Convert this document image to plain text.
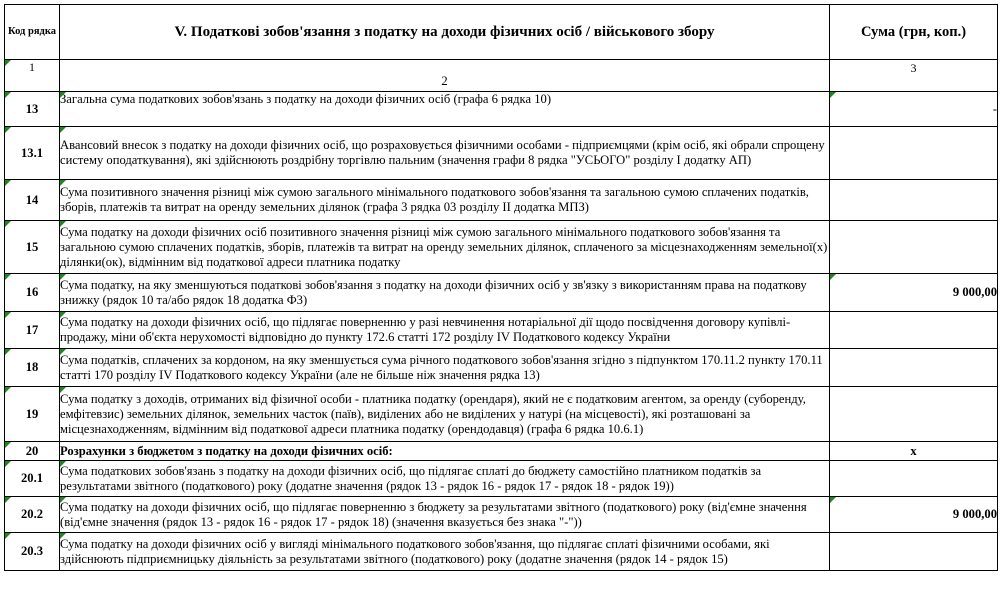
Код рядка	V. Податкові зобов'язання з податку на доходи фізичних осіб / військового збору	Сума (грн, коп.)

1	2	3

13	Загальна сума податкових зобов'язань з податку на доходи фізичних осіб (графа 6 рядка 10)	-

13.1	Авансовий внесок з податку на доходи фізичних осіб, що розраховується фізичними особами - підприємцями (крім осіб, які обрали спрощену систему оподаткування), які здійснюють роздрібну торгівлю пальним (значення графи 8 рядка "УСЬОГО" розділу I додатку АП)	

14	Сума позитивного значення різниці між сумою загального мінімального податкового зобов'язання та загальною сумою сплачених податків, зборів, платежів та витрат на оренду земельних ділянок (графа 3 рядка 03 розділу II додатка МПЗ)	

15	Сума податку на доходи фізичних осіб позитивного значення різниці між сумою загального мінімального податкового зобов'язання та загальною сумою сплачених податків, зборів, платежів та витрат на оренду земельних ділянок, сплаченого за місцезнаходженням земельної(х) ділянки(ок), відмінним від податкової адреси платника податку	

16	Сума податку, на яку зменшуються податкові зобов'язання з податку на доходи фізичних осіб у зв'язку з використанням права на податкову знижку (рядок 10 та/або рядок 18 додатка Ф3)	9 000,00

17	Сума податку на доходи фізичних осіб, що підлягає поверненню у разі невчинення нотаріальної дії щодо посвідчення договору купівлі-продажу, міни об'єкта нерухомості відповідно до пункту 172.6 статті 172 розділу IV Податкового кодексу України	

18	Сума податків, сплачених за кордоном, на яку зменшується сума річного податкового зобов'язання згідно з підпунктом 170.11.2 пункту 170.11 статті 170 розділу IV Податкового кодексу України (але не більше ніж значення рядка 13)	

19	Сума податку з доходів, отриманих від фізичної особи - платника податку (орендаря), який не є податковим агентом, за оренду (суборенду, емфітевзис) земельних ділянок, земельних часток (паїв), виділених або не виділених у натурі (на місцевості), які розташовані за місцезнаходженням, відмінним від податкової адреси платника податку (орендодавця) (графа 6 рядка 10.6.1)	

20	Розрахунки з бюджетом з податку на доходи фізичних осіб:	x

20.1	Сума податкових зобов'язань з податку на доходи фізичних осіб, що підлягає сплаті до бюджету самостійно платником податків за результатами звітного (податкового) року (додатне значення (рядок 13 - рядок 16 - рядок 17 - рядок 18 - рядок 19))	

20.2	Сума податку на доходи фізичних осіб, що підлягає поверненню з бюджету за результатами звітного (податкового) року (від'ємне значення (від'ємне значення (рядок 13 - рядок 16 - рядок 17 - рядок 18) (значення вказується без знака "-"))	9 000,00

20.3	Сума податку на доходи фізичних осіб у вигляді мінімального податкового зобов'язання, що підлягає сплаті фізичними особами, які здійснюють підприємницьку діяльність за результатами звітного (податкового) року (додатне значення (рядок 14 - рядок 15)	
